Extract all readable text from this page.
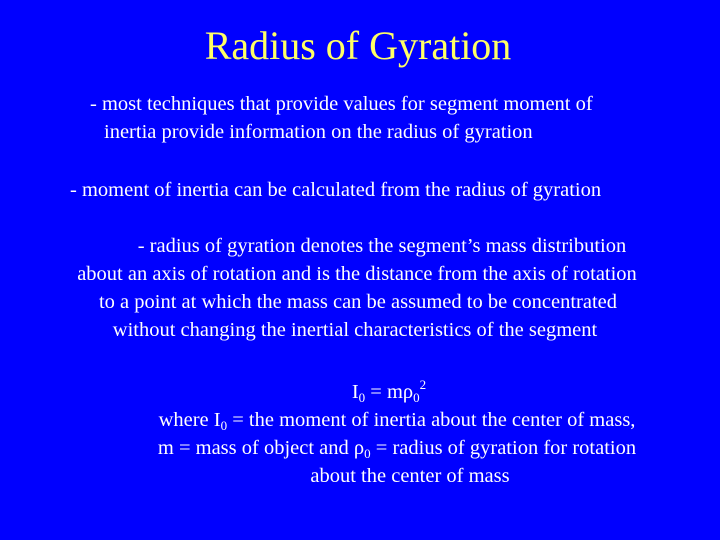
Radius of Gyration
- most techniques that provide values for segment moment of
inertia provide information on the radius of gyration
- moment of inertia can be calculated from the radius of gyration
- radius of gyration denotes the segment’s mass distribution
about an axis of rotation and is the distance from the axis of rotation
to a point at which the mass can be assumed to be concentrated
without changing the inertial characteristics of the segment
$I_0 = m\rho_0^2$
where $I_0$ = the moment of inertia about the center of mass,
m = mass of object and $\rho_0$ = radius of gyration for rotation
about the center of mass
